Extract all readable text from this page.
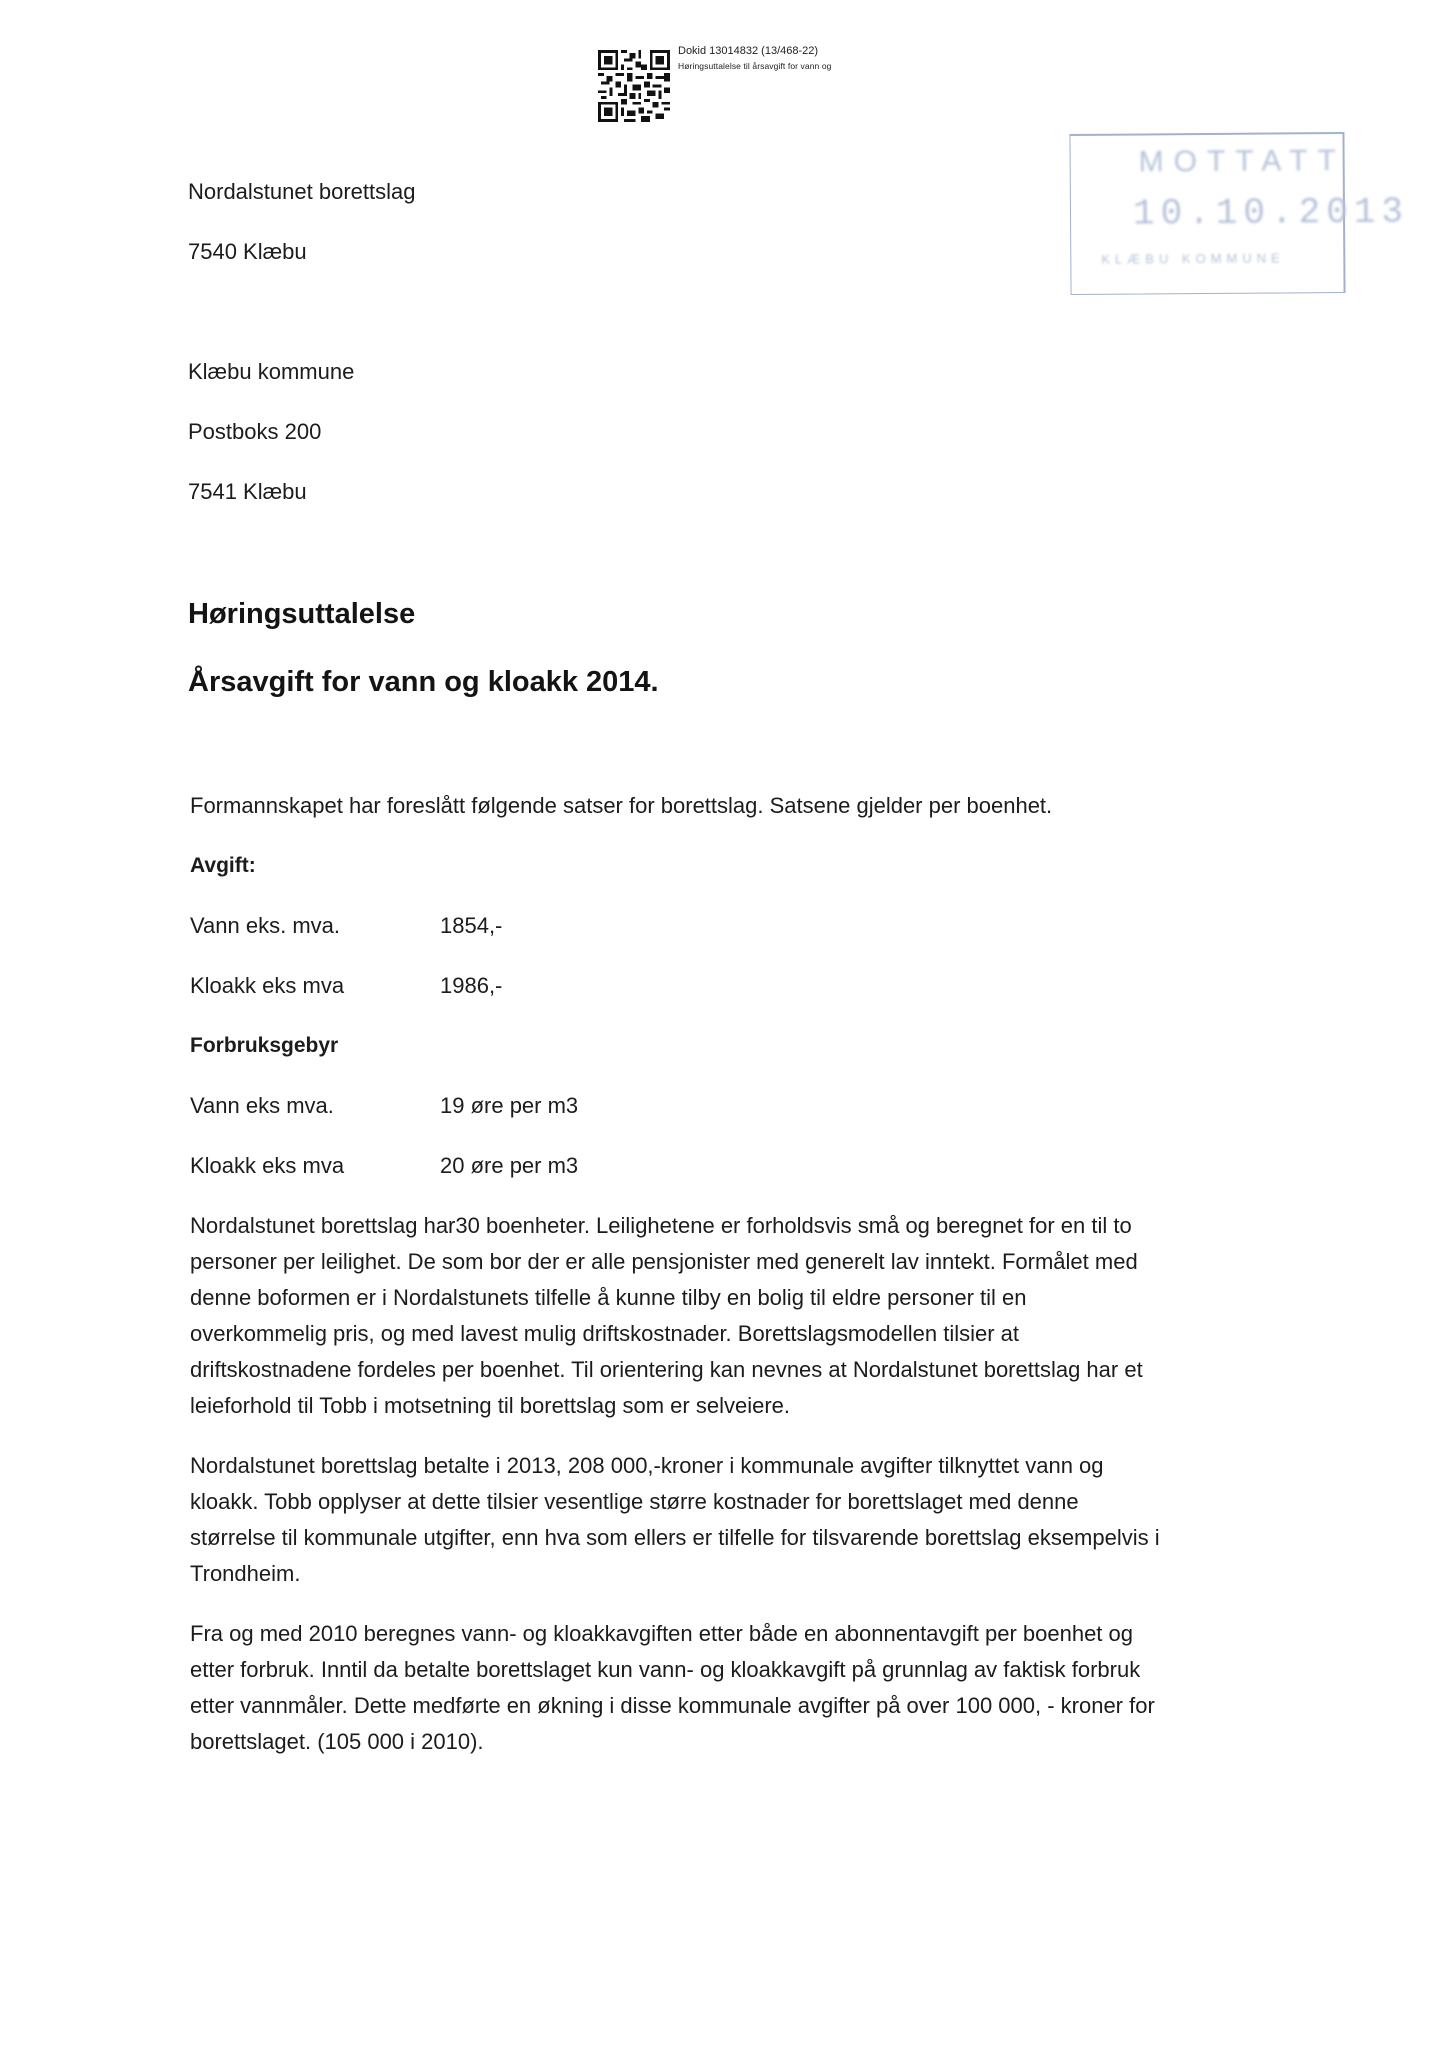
Dokid 13014832 (13/468-22)
Høringsuttalelse til årsavgift for vann og
MOTTATT
10.10.2013
KLÆBU KOMMUNE
Nordalstunet borettslag
7540 Klæbu
Klæbu kommune
Postboks 200
7541 Klæbu
Høringsuttalelse
Årsavgift for vann og kloakk 2014.
Formannskapet har foreslått følgende satser for borettslag. Satsene gjelder per boenhet.
Avgift:
Vann eks. mva.	1854,-
Kloakk eks mva	1986,-
Forbruksgebyr
Vann eks mva.	19 øre per m3
Kloakk eks mva	20 øre per m3
Nordalstunet borettslag har30 boenheter. Leilighetene er forholdsvis små og beregnet for en til to
personer per leilighet. De som bor der er alle pensjonister med generelt lav inntekt. Formålet med
denne boformen er i Nordalstunets tilfelle å kunne tilby en bolig til eldre personer til en
overkommelig pris, og med lavest mulig driftskostnader. Borettslagsmodellen tilsier at
driftskostnadene fordeles per boenhet. Til orientering kan nevnes at Nordalstunet borettslag har et
leieforhold til Tobb i motsetning til borettslag som er selveiere.
Nordalstunet borettslag betalte i 2013, 208 000,-kroner i kommunale avgifter tilknyttet vann og
kloakk. Tobb opplyser at dette tilsier vesentlige større kostnader for borettslaget med denne
størrelse til kommunale utgifter, enn hva som ellers er tilfelle for tilsvarende borettslag eksempelvis i
Trondheim.
Fra og med 2010 beregnes vann- og kloakkavgiften etter både en abonnentavgift per boenhet og
etter forbruk. Inntil da betalte borettslaget kun vann- og kloakkavgift på grunnlag av faktisk forbruk
etter vannmåler. Dette medførte en økning i disse kommunale avgifter på over 100 000, - kroner for
borettslaget. (105 000 i 2010).
